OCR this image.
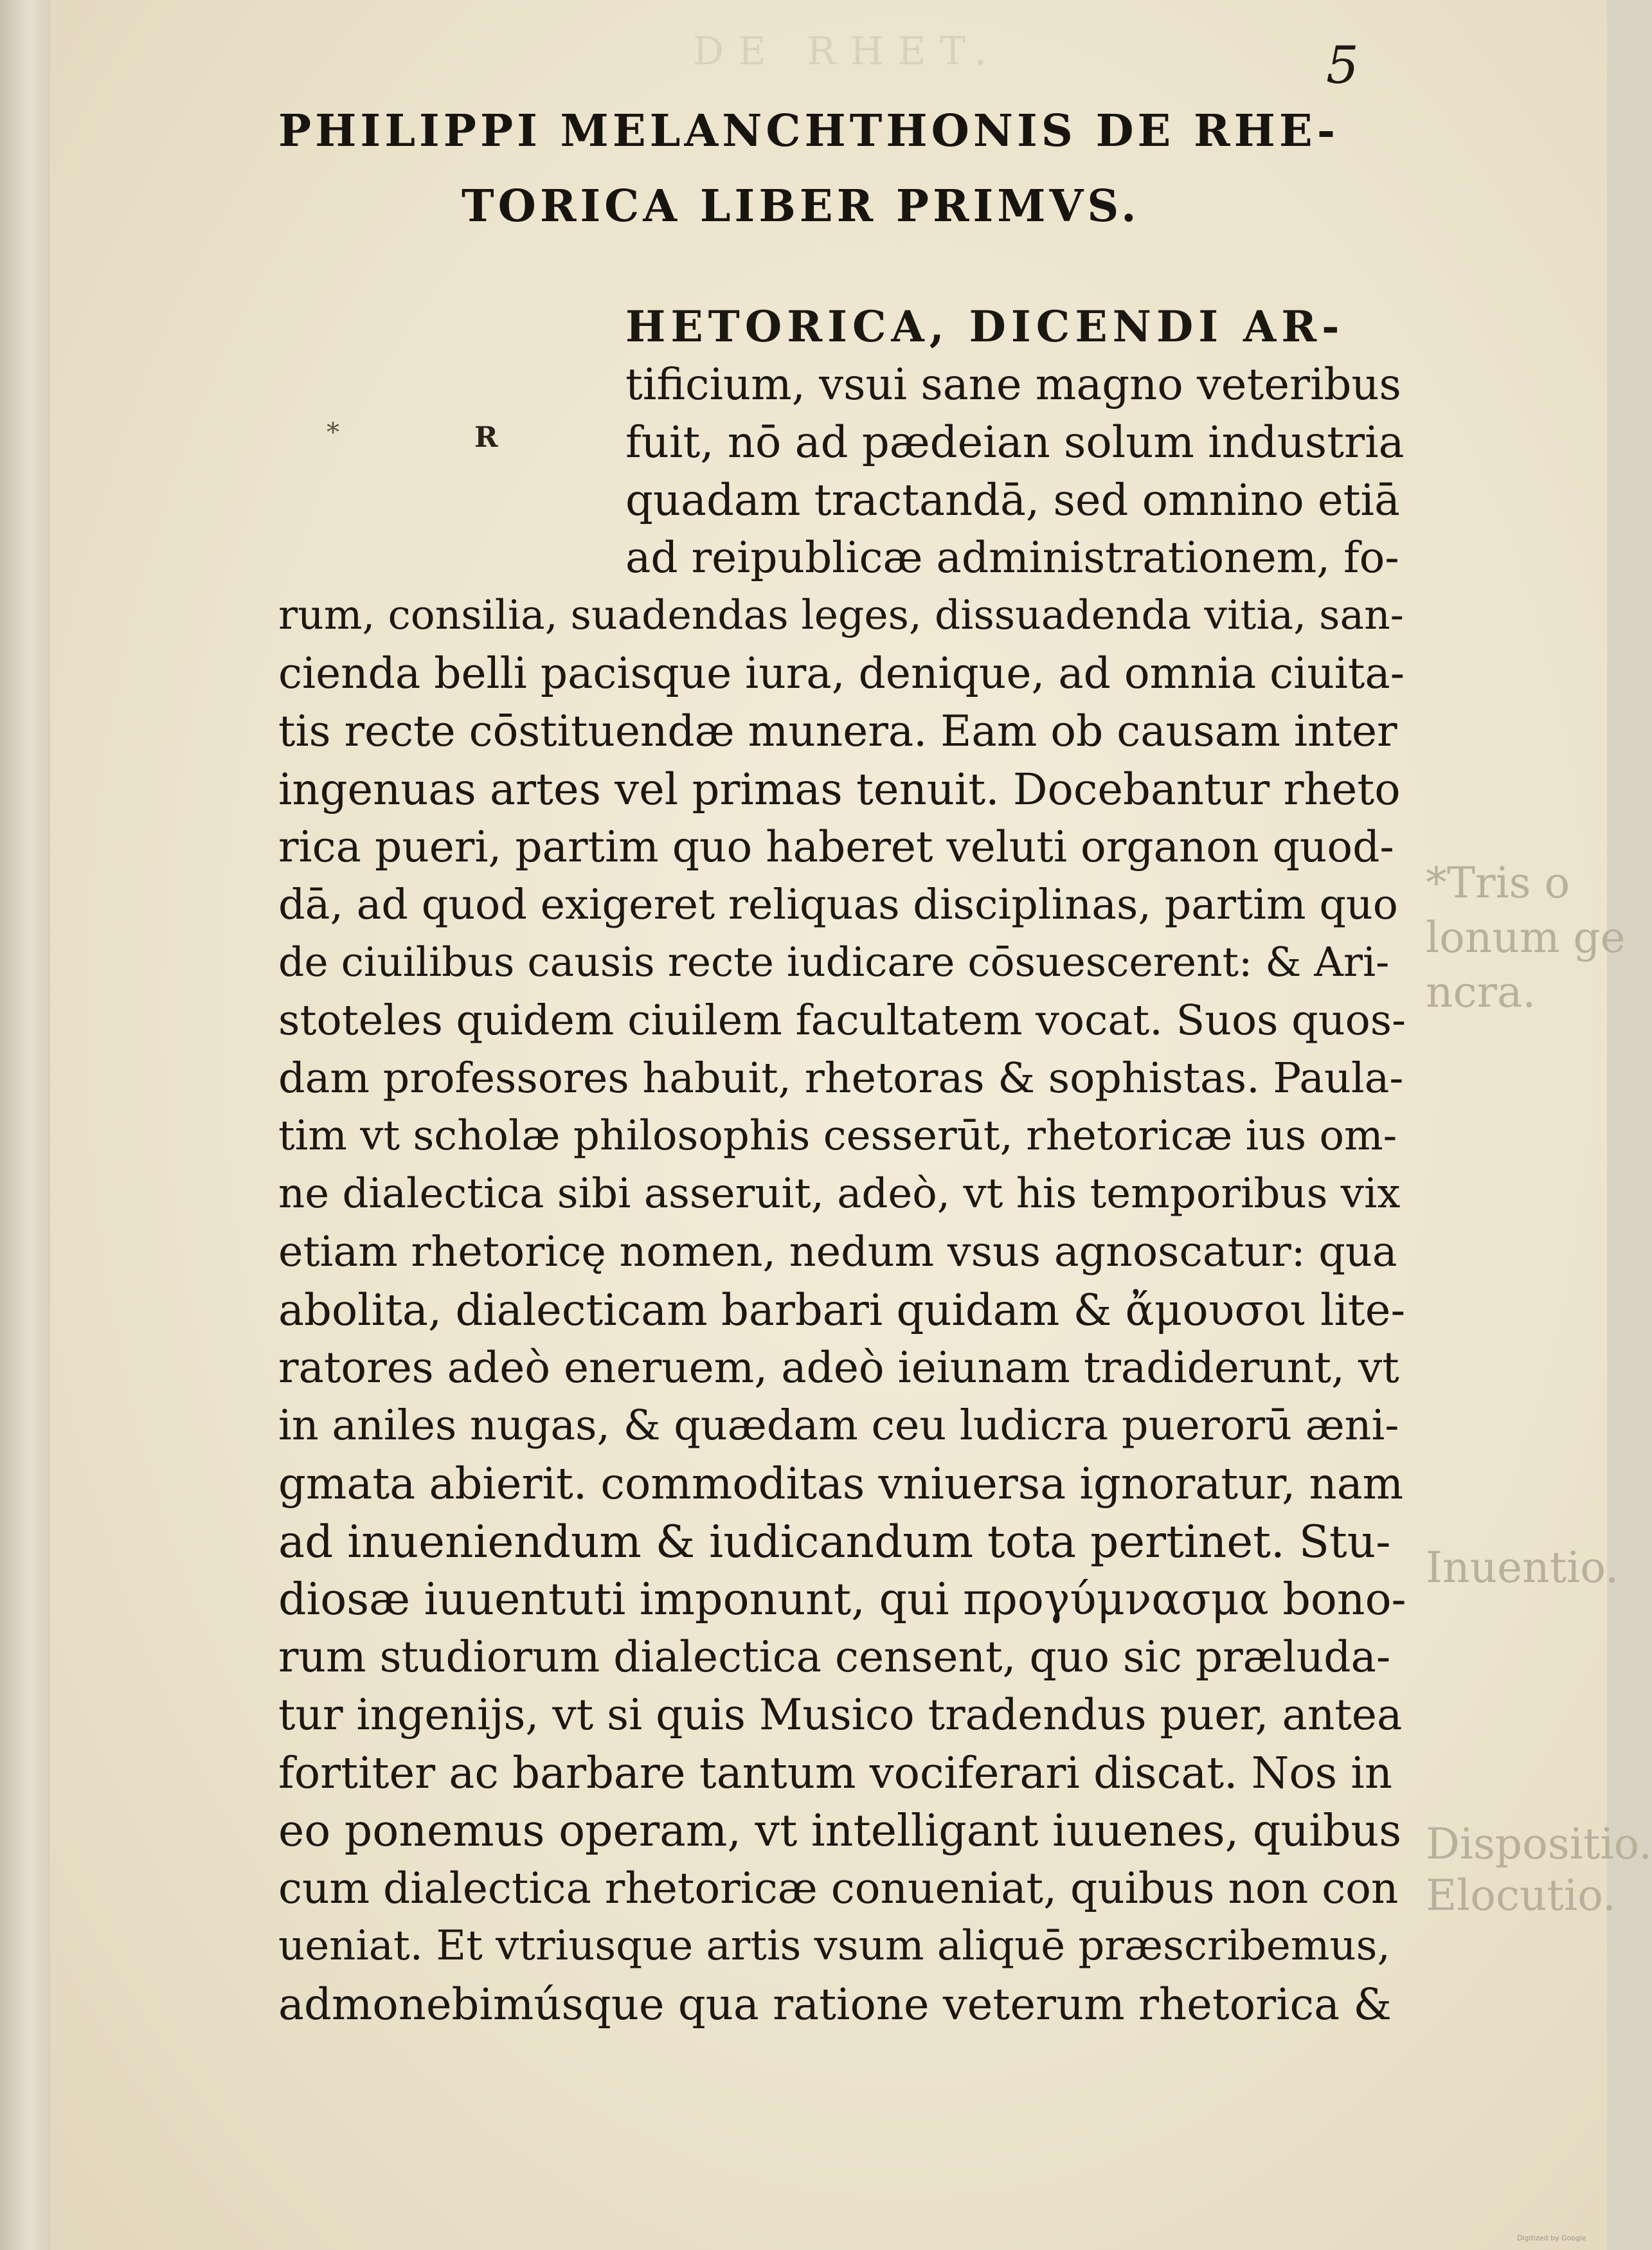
DE RHET.	5
PHILIPPI MELANCHTHONIS DE RHE-
TORICA LIBER PRIMVS.
*	R
HETORICA, DICENDI AR-
tificium, vsui sane magno veteribus
fuit, nō ad pædeian solum industria
quadam tractandā, sed omnino etiā
ad reipublicæ administrationem, fo-
rum, consilia, suadendas leges, dissuadenda vitia, san-
cienda belli pacisque iura, denique, ad omnia ciuita-
tis recte cōstituendæ munera. Eam ob causam inter
ingenuas artes vel primas tenuit. Docebantur rheto
rica pueri, partim quo haberet veluti organon quod-
dā, ad quod exigeret reliquas disciplinas, partim quo
de ciuilibus causis recte iudicare cōsuescerent: & Ari-
stoteles quidem ciuilem facultatem vocat. Suos quos-
dam professores habuit, rhetoras & sophistas. Paula-
tim vt scholæ philosophis cesserūt, rhetoricæ ius om-
ne dialectica sibi asseruit, adeò, vt his temporibus vix
etiam rhetoricę nomen, nedum vsus agnoscatur: qua
abolita, dialecticam barbari quidam & ἄμουσοι lite-
ratores adeò eneruem, adeò ieiunam tradiderunt, vt
in aniles nugas, & quædam ceu ludicra puerorū æni-
gmata abierit. commoditas vniuersa ignoratur, nam
ad inueniendum & iudicandum tota pertinet. Stu-
diosæ iuuentuti imponunt, qui προγύμνασμα bono-
rum studiorum dialectica censent, quo sic præluda-
tur ingenijs, vt si quis Musico tradendus puer, antea
fortiter ac barbare tantum vociferari discat. Nos in
eo ponemus operam, vt intelligant iuuenes, quibus
cum dialectica rhetoricæ conueniat, quibus non con
ueniat. Et vtriusque artis vsum aliquē præscribemus,
admonebimúsque qua ratione veterum rhetorica &
*Tris o
lonum ge
ncra.
Inuentio.
Dispositio.
Elocutio.
Digitized by Google
